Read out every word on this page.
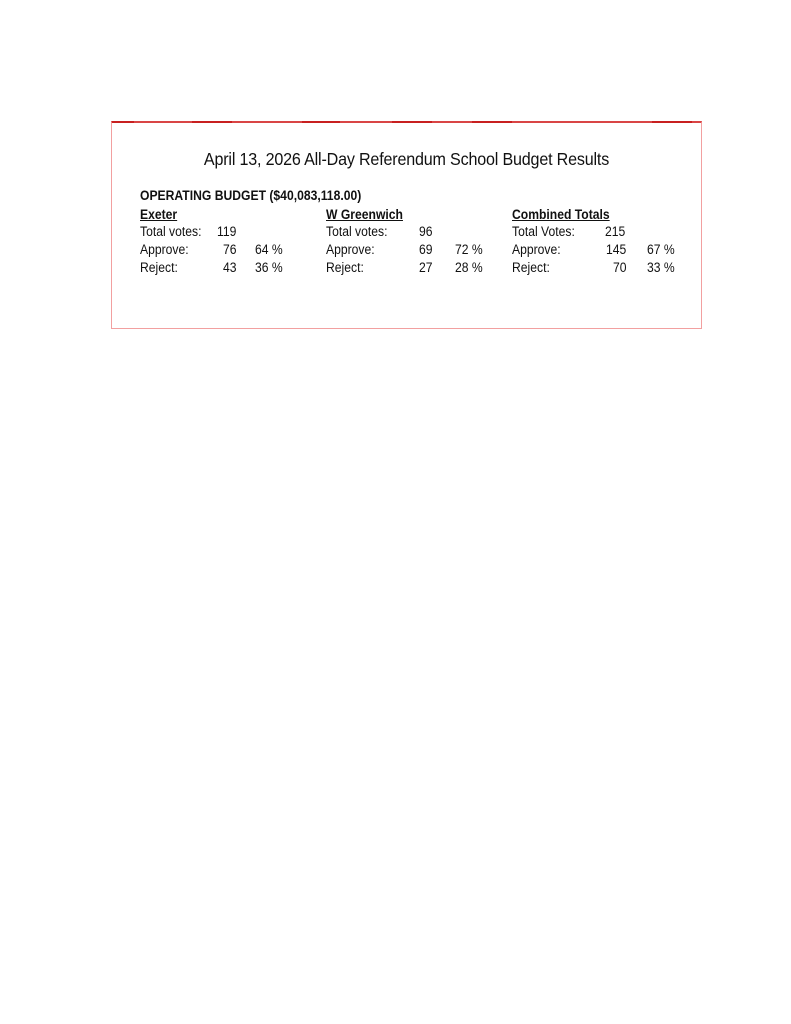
April 13, 2026 All-Day Referendum School Budget Results
OPERATING BUDGET ($40,083,118.00)
Exeter
Total votes: 119
Approve:	76 64 %
Reject:	43 36 %
W Greenwich
Total votes: 96
Approve:	69 72 %
Reject:	27 28 %
Combined Totals
Total Votes: 215
Approve:	145 67 %
Reject:	70 33 %
